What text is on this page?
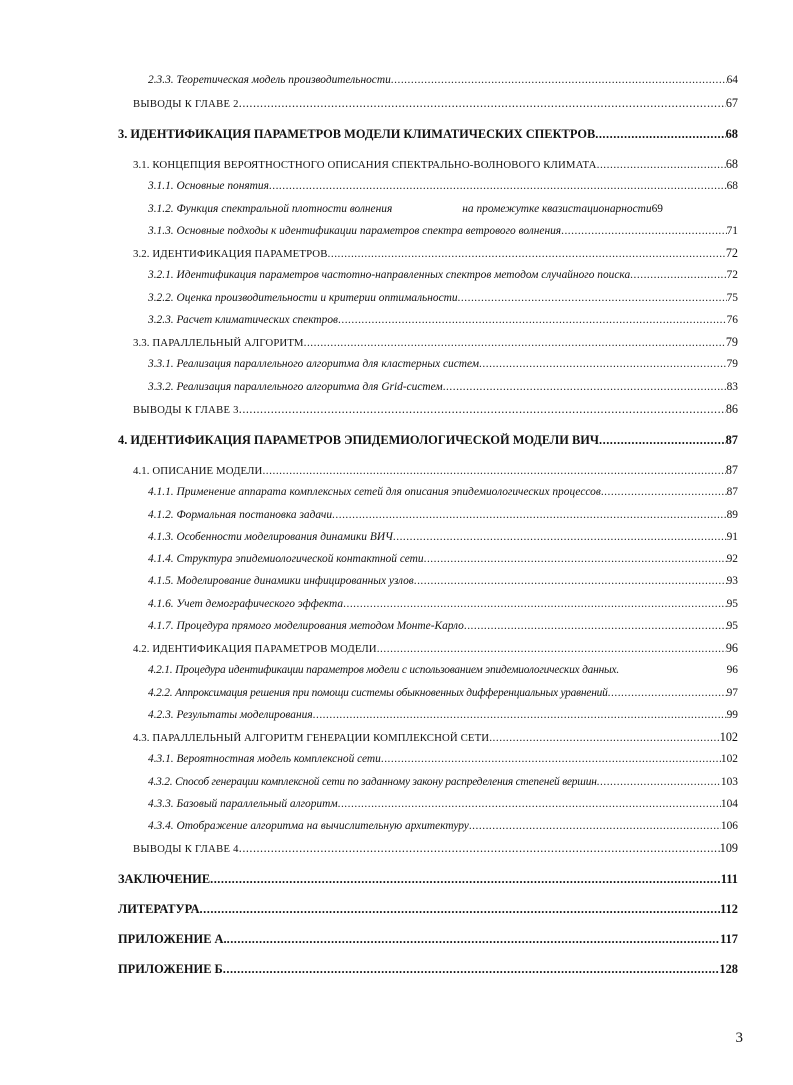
2.3.3. Теоретическая модель производительности .....	64
ВЫВОДЫ К ГЛАВЕ 2 .....	67
3. ИДЕНТИФИКАЦИЯ ПАРАМЕТРОВ МОДЕЛИ КЛИМАТИЧЕСКИХ СПЕКТРОВ .....	68
3.1. КОНЦЕПЦИЯ ВЕРОЯТНОСТНОГО ОПИСАНИЯ СПЕКТРАЛЬНО-ВОЛНОВОГО КЛИМАТА .....	68
3.1.1. Основные понятия .....	68
3.1.2. Функция спектральной плотности волнения	на промежутке квазистационарности 69
3.1.3. Основные подходы к идентификации параметров спектра ветрового волнения .....	71
3.2. ИДЕНТИФИКАЦИЯ ПАРАМЕТРОВ .....	72
3.2.1. Идентификация параметров частотно-направленных спектров методом случайного поиска .....	72
3.2.2. Оценка производительности и критерии оптимальности .....	75
3.2.3. Расчет климатических спектров .....	76
3.3. ПАРАЛЛЕЛЬНЫЙ АЛГОРИТМ .....	79
3.3.1. Реализация параллельного алгоритма для кластерных систем .....	79
3.3.2. Реализация параллельного алгоритма для Grid-систем .....	83
ВЫВОДЫ К ГЛАВЕ 3 .....	86
4. ИДЕНТИФИКАЦИЯ ПАРАМЕТРОВ ЭПИДЕМИОЛОГИЧЕСКОЙ МОДЕЛИ ВИЧ .....	87
4.1. ОПИСАНИЕ МОДЕЛИ .....	87
4.1.1. Применение аппарата комплексных сетей для описания эпидемиологических процессов .....	87
4.1.2. Формальная постановка задачи .....	89
4.1.3. Особенности моделирования динамики ВИЧ .....	91
4.1.4. Структура эпидемиологической контактной сети .....	92
4.1.5. Моделирование динамики инфицированных узлов .....	93
4.1.6. Учет демографического эффекта .....	95
4.1.7. Процедура прямого моделирования методом Монте-Карло .....	95
4.2. ИДЕНТИФИКАЦИЯ ПАРАМЕТРОВ МОДЕЛИ .....	96
4.2.1. Процедура идентификации параметров модели с использованием эпидемиологических данных.	96
4.2.2. Аппроксимация решения при помощи системы обыкновенных дифференциальных уравнений .....	97
4.2.3. Результаты моделирования .....	99
4.3. ПАРАЛЛЕЛЬНЫЙ АЛГОРИТМ ГЕНЕРАЦИИ КОМПЛЕКСНОЙ СЕТИ .....	102
4.3.1. Вероятностная модель комплексной сети .....	102
4.3.2. Способ генерации комплексной сети по заданному закону распределения степеней вершин .....	103
4.3.3. Базовый параллельный алгоритм .....	104
4.3.4. Отображение алгоритма на вычислительную архитектуру .....	106
ВЫВОДЫ К ГЛАВЕ 4 .....	109
ЗАКЛЮЧЕНИЕ .....	111
ЛИТЕРАТУРА .....	112
ПРИЛОЖЕНИЕ А. .....	117
ПРИЛОЖЕНИЕ Б .....	128
3
